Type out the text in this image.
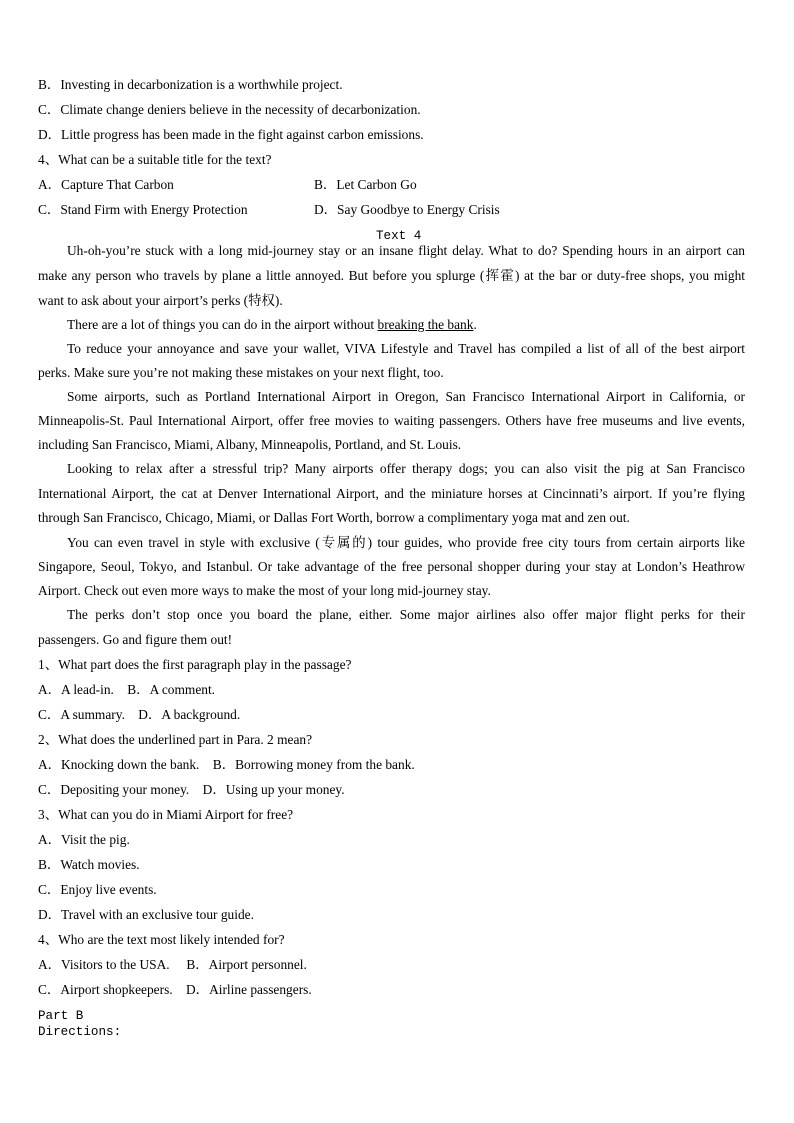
B．Investing in decarbonization is a worthwhile project.
C．Climate change deniers believe in the necessity of decarbonization.
D．Little progress has been made in the fight against carbon emissions.
4、What can be a suitable title for the text?
A．Capture That Carbon	B．Let Carbon Go
C．Stand Firm with Energy Protection	D．Say Goodbye to Energy Crisis
Text 4
Uh-oh-you’re stuck with a long mid-journey stay or an insane flight delay. What to do? Spending hours in an airport can
make any person who travels by plane a little annoyed. But before you splurge (挥霍) at the bar or duty-free shops, you might
want to ask about your airport’s perks (特权).
To reduce your annoyance and save your wallet, VIVA Lifestyle and Travel has compiled a list of all of the best airport
perks. Make sure you’re not making these mistakes on your next flight, too.
Some airports, such as Portland International Airport in Oregon, San Francisco International Airport in California, or
Minneapolis-St. Paul International Airport, offer free movies to waiting passengers. Others have free museums and live events,
including San Francisco, Miami, Albany, Minneapolis, Portland, and St. Louis.
Looking to relax after a stressful trip? Many airports offer therapy dogs; you can also visit the pig at San Francisco
International Airport, the cat at Denver International Airport, and the miniature horses at Cincinnati’s airport. If you’re flying
through San Francisco, Chicago, Miami, or Dallas Fort Worth, borrow a complimentary yoga mat and zen out.
You can even travel in style with exclusive (专属的) tour guides, who provide free city tours from certain airports like
Singapore, Seoul, Tokyo, and Istanbul. Or take advantage of the free personal shopper during your stay at London’s Heathrow
Airport. Check out even more ways to make the most of your long mid-journey stay.
The perks don’t stop once you board the plane, either. Some major airlines also offer major flight perks for their
passengers. Go and figure them out!
There are a lot of things you can do in the airport without breaking the bank.
1、What part does the first paragraph play in the passage?
A．A lead-in.　B．A comment.
C．A summary.　D．A background.
2、What does the underlined part in Para. 2 mean?
A．Knocking down the bank.　B．Borrowing money from the bank.
C．Depositing your money.　D．Using up your money.
3、What can you do in Miami Airport for free?
A．Visit the pig.
B．Watch movies.
C．Enjoy live events.
D．Travel with an exclusive tour guide.
4、Who are the text most likely intended for?
A．Visitors to the USA.　 B．Airport personnel.
C．Airport shopkeepers.　D．Airline passengers.
Part B
Directions:
